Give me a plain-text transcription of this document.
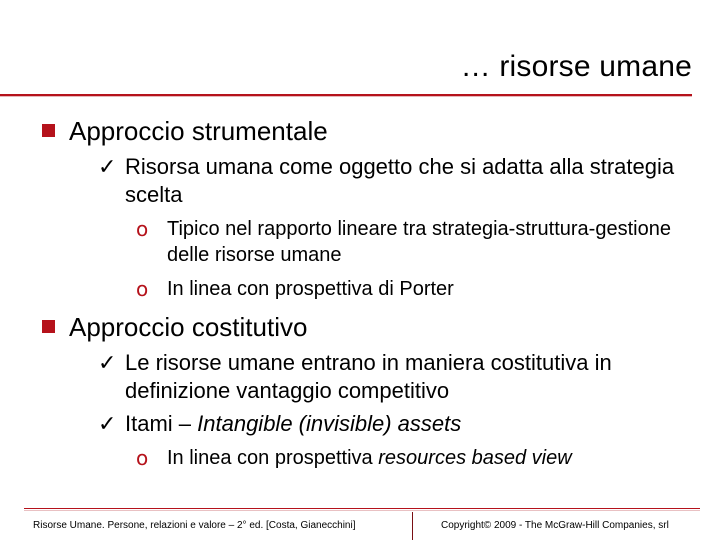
… risorse umane
Approccio strumentale
✓ Risorsa umana come oggetto che si adatta alla strategia scelta
o Tipico nel rapporto lineare tra strategia-struttura-gestione delle risorse umane
o In linea con prospettiva di Porter
Approccio costitutivo
✓ Le risorse umane entrano in maniera costitutiva in definizione vantaggio competitivo
✓ Itami – Intangible (invisible) assets
o In linea con prospettiva resources based view
Risorse Umane. Persone, relazioni e valore – 2° ed. [Costa, Gianecchini]	Copyright© 2009 - The McGraw-Hill Companies, srl
